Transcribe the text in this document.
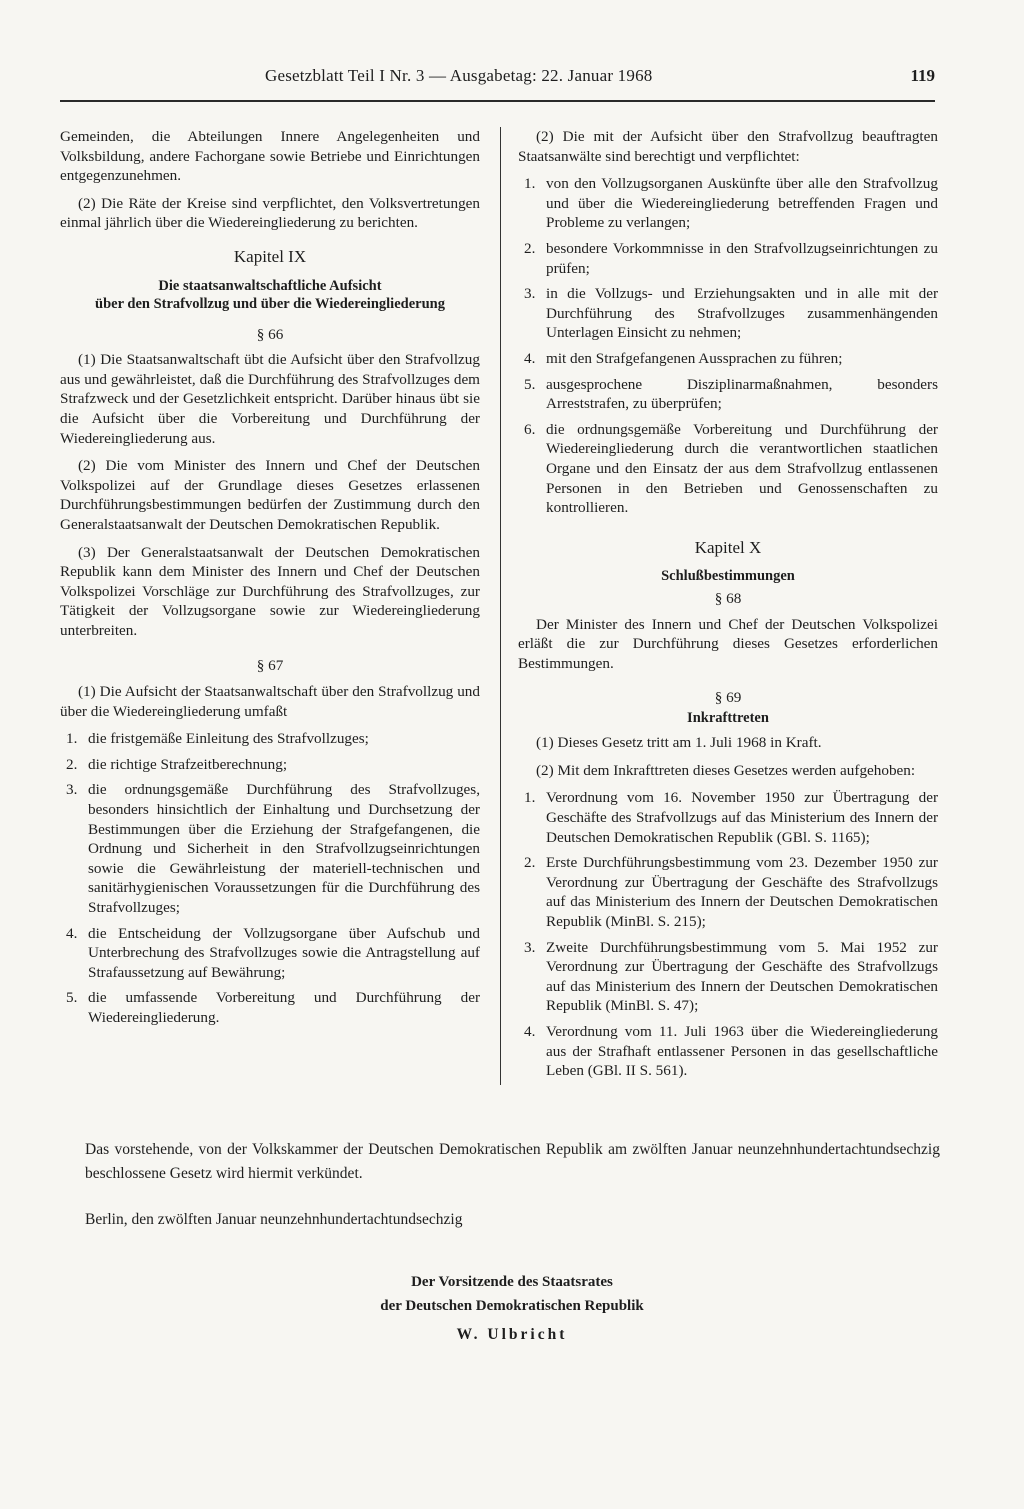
Gesetzblatt Teil I Nr. 3 — Ausgabetag: 22. Januar 1968	119

Gemeinden, die Abteilungen Innere Angelegenheiten und Volksbildung, andere Fachorgane sowie Betriebe und Einrichtungen entgegenzunehmen.

(2) Die Räte der Kreise sind verpflichtet, den Volksvertretungen einmal jährlich über die Wiedereingliederung zu berichten.

Kapitel IX
Die staatsanwaltschaftliche Aufsicht
über den Strafvollzug und über die Wiedereingliederung
§ 66

(1) Die Staatsanwaltschaft übt die Aufsicht über den Strafvollzug aus und gewährleistet, daß die Durchführung des Strafvollzuges dem Strafzweck und der Gesetzlichkeit entspricht. Darüber hinaus übt sie die Aufsicht über die Vorbereitung und Durchführung der Wiedereingliederung aus.

(2) Die vom Minister des Innern und Chef der Deutschen Volkspolizei auf der Grundlage dieses Gesetzes erlassenen Durchführungsbestimmungen bedürfen der Zustimmung durch den Generalstaatsanwalt der Deutschen Demokratischen Republik.

(3) Der Generalstaatsanwalt der Deutschen Demokratischen Republik kann dem Minister des Innern und Chef der Deutschen Volkspolizei Vorschläge zur Durchführung des Strafvollzuges, zur Tätigkeit der Vollzugsorgane sowie zur Wiedereingliederung unterbreiten.

§ 67

(1) Die Aufsicht der Staatsanwaltschaft über den Strafvollzug und über die Wiedereingliederung umfaßt

1. die fristgemäße Einleitung des Strafvollzuges;
2. die richtige Strafzeitberechnung;
3. die ordnungsgemäße Durchführung des Strafvollzuges, besonders hinsichtlich der Einhaltung und Durchsetzung der Bestimmungen über die Erziehung der Strafgefangenen, die Ordnung und Sicherheit in den Strafvollzugseinrichtungen sowie die Gewährleistung der materiell-technischen und sanitärhygienischen Voraussetzungen für die Durchführung des Strafvollzuges;
4. die Entscheidung der Vollzugsorgane über Aufschub und Unterbrechung des Strafvollzuges sowie die Antragstellung auf Strafaussetzung auf Bewährung;
5. die umfassende Vorbereitung und Durchführung der Wiedereingliederung.

(2) Die mit der Aufsicht über den Strafvollzug beauftragten Staatsanwälte sind berechtigt und verpflichtet:

1. von den Vollzugsorganen Auskünfte über alle den Strafvollzug und über die Wiedereingliederung betreffenden Fragen und Probleme zu verlangen;
2. besondere Vorkommnisse in den Strafvollzugseinrichtungen zu prüfen;
3. in die Vollzugs- und Erziehungsakten und in alle mit der Durchführung des Strafvollzuges zusammenhängenden Unterlagen Einsicht zu nehmen;
4. mit den Strafgefangenen Aussprachen zu führen;
5. ausgesprochene Disziplinarmaßnahmen, besonders Arreststrafen, zu überprüfen;
6. die ordnungsgemäße Vorbereitung und Durchführung der Wiedereingliederung durch die verantwortlichen staatlichen Organe und den Einsatz der aus dem Strafvollzug entlassenen Personen in den Betrieben und Genossenschaften zu kontrollieren.
Kapitel X
Schlußbestimmungen
§ 68

Der Minister des Innern und Chef der Deutschen Volkspolizei erläßt die zur Durchführung dieses Gesetzes erforderlichen Bestimmungen.

§ 69
Inkrafttreten

(1) Dieses Gesetz tritt am 1. Juli 1968 in Kraft.

(2) Mit dem Inkrafttreten dieses Gesetzes werden aufgehoben:

1. Verordnung vom 16. November 1950 zur Übertragung der Geschäfte des Strafvollzugs auf das Ministerium des Innern der Deutschen Demokratischen Republik (GBl. S. 1165);
2. Erste Durchführungsbestimmung vom 23. Dezember 1950 zur Verordnung zur Übertragung der Geschäfte des Strafvollzugs auf das Ministerium des Innern der Deutschen Demokratischen Republik (MinBl. S. 215);
3. Zweite Durchführungsbestimmung vom 5. Mai 1952 zur Verordnung zur Übertragung der Geschäfte des Strafvollzugs auf das Ministerium des Innern der Deutschen Demokratischen Republik (MinBl. S. 47);
4. Verordnung vom 11. Juli 1963 über die Wiedereingliederung aus der Strafhaft entlassener Personen in das gesellschaftliche Leben (GBl. II S. 561).

Das vorstehende, von der Volkskammer der Deutschen Demokratischen Republik am zwölften Januar neunzehnhundertachtundsechzig beschlossene Gesetz wird hiermit verkündet.

Berlin, den zwölften Januar neunzehnhundertachtundsechzig

Der Vorsitzende des Staatsrates
der Deutschen Demokratischen Republik
W. Ulbricht
